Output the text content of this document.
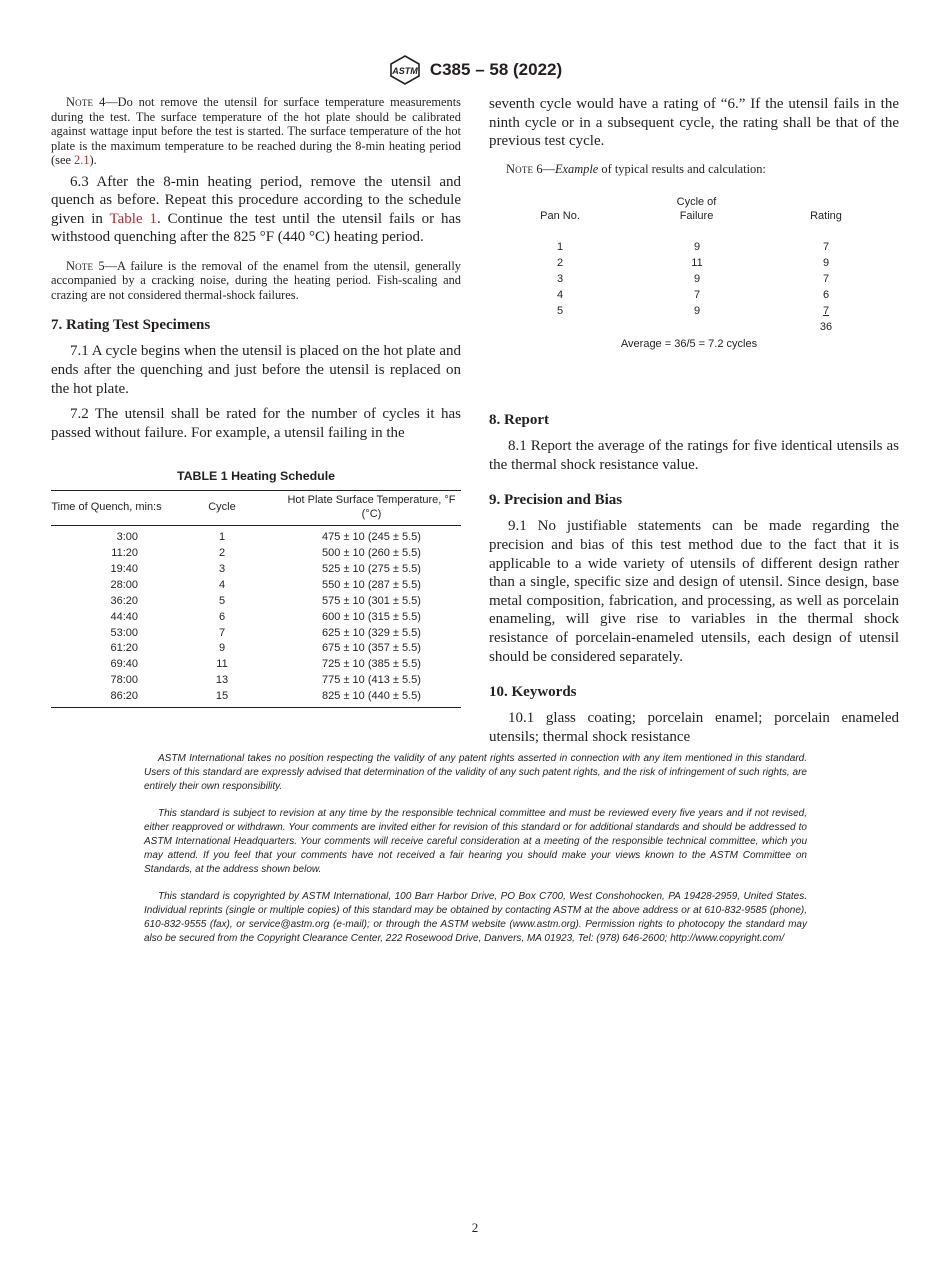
ASTM C385 – 58 (2022)

Note 4—Do not remove the utensil for surface temperature measurements during the test. The surface temperature of the hot plate should be calibrated against wattage input before the test is started. The surface temperature of the hot plate is the maximum temperature to be reached during the 8-min heating period (see 2.1).

6.3 After the 8-min heating period, remove the utensil and quench as before. Repeat this procedure according to the schedule given in Table 1. Continue the test until the utensil fails or has withstood quenching after the 825 °F (440 °C) heating period.

Note 5—A failure is the removal of the enamel from the utensil, generally accompanied by a cracking noise, during the heating period. Fish-scaling and crazing are not considered thermal-shock failures.

7. Rating Test Specimens

7.1 A cycle begins when the utensil is placed on the hot plate and ends after the quenching and just before the utensil is replaced on the hot plate.

7.2 The utensil shall be rated for the number of cycles it has passed without failure. For example, a utensil failing in the

TABLE 1 Heating Schedule		
Time of Quench, min:s	Cycle	Hot Plate Surface Temperature, °F (°C)
3:00	1	475 ± 10 (245 ± 5.5)
11:20	2	500 ± 10 (260 ± 5.5)
19:40	3	525 ± 10 (275 ± 5.5)
28:00	4	550 ± 10 (287 ± 5.5)
36:20	5	575 ± 10 (301 ± 5.5)
44:40	6	600 ± 10 (315 ± 5.5)
53:00	7	625 ± 10 (329 ± 5.5)
61:20	9	675 ± 10 (357 ± 5.5)
69:40	11	725 ± 10 (385 ± 5.5)
78:00	13	775 ± 10 (413 ± 5.5)
86:20	15	825 ± 10 (440 ± 5.5)

seventh cycle would have a rating of “6.” If the utensil fails in the ninth cycle or in a subsequent cycle, the rating shall be that of the previous test cycle.

Note 6—Example of typical results and calculation:

Pan No.	Cycle of Failure	Rating
1	9	7
2	11	9
3	9	7
4	7	6
5	9	7
		36
Average = 36/5 = 7.2 cycles		
8. Report

8.1 Report the average of the ratings for five identical utensils as the thermal shock resistance value.

9. Precision and Bias

9.1 No justifiable statements can be made regarding the precision and bias of this test method due to the fact that it is applicable to a wide variety of utensils of different design rather than a single, specific size and design of utensil. Since design, base metal composition, fabrication, and processing, as well as porcelain enameling, will give rise to variables in the thermal shock resistance of porcelain-enameled utensils, each design of utensil should be considered separately.

10. Keywords

10.1 glass coating; porcelain enamel; porcelain enameled utensils; thermal shock resistance

ASTM International takes no position respecting the validity of any patent rights asserted in connection with any item mentioned in this standard. Users of this standard are expressly advised that determination of the validity of any such patent rights, and the risk of infringement of such rights, are entirely their own responsibility.

This standard is subject to revision at any time by the responsible technical committee and must be reviewed every five years and if not revised, either reapproved or withdrawn. Your comments are invited either for revision of this standard or for additional standards and should be addressed to ASTM International Headquarters. Your comments will receive careful consideration at a meeting of the responsible technical committee, which you may attend. If you feel that your comments have not received a fair hearing you should make your views known to the ASTM Committee on Standards, at the address shown below.

This standard is copyrighted by ASTM International, 100 Barr Harbor Drive, PO Box C700, West Conshohocken, PA 19428-2959, United States. Individual reprints (single or multiple copies) of this standard may be obtained by contacting ASTM at the above address or at 610-832-9585 (phone), 610-832-9555 (fax), or service@astm.org (e-mail); or through the ASTM website (www.astm.org). Permission rights to photocopy the standard may also be secured from the Copyright Clearance Center, 222 Rosewood Drive, Danvers, MA 01923, Tel: (978) 646-2600; http://www.copyright.com/

2
